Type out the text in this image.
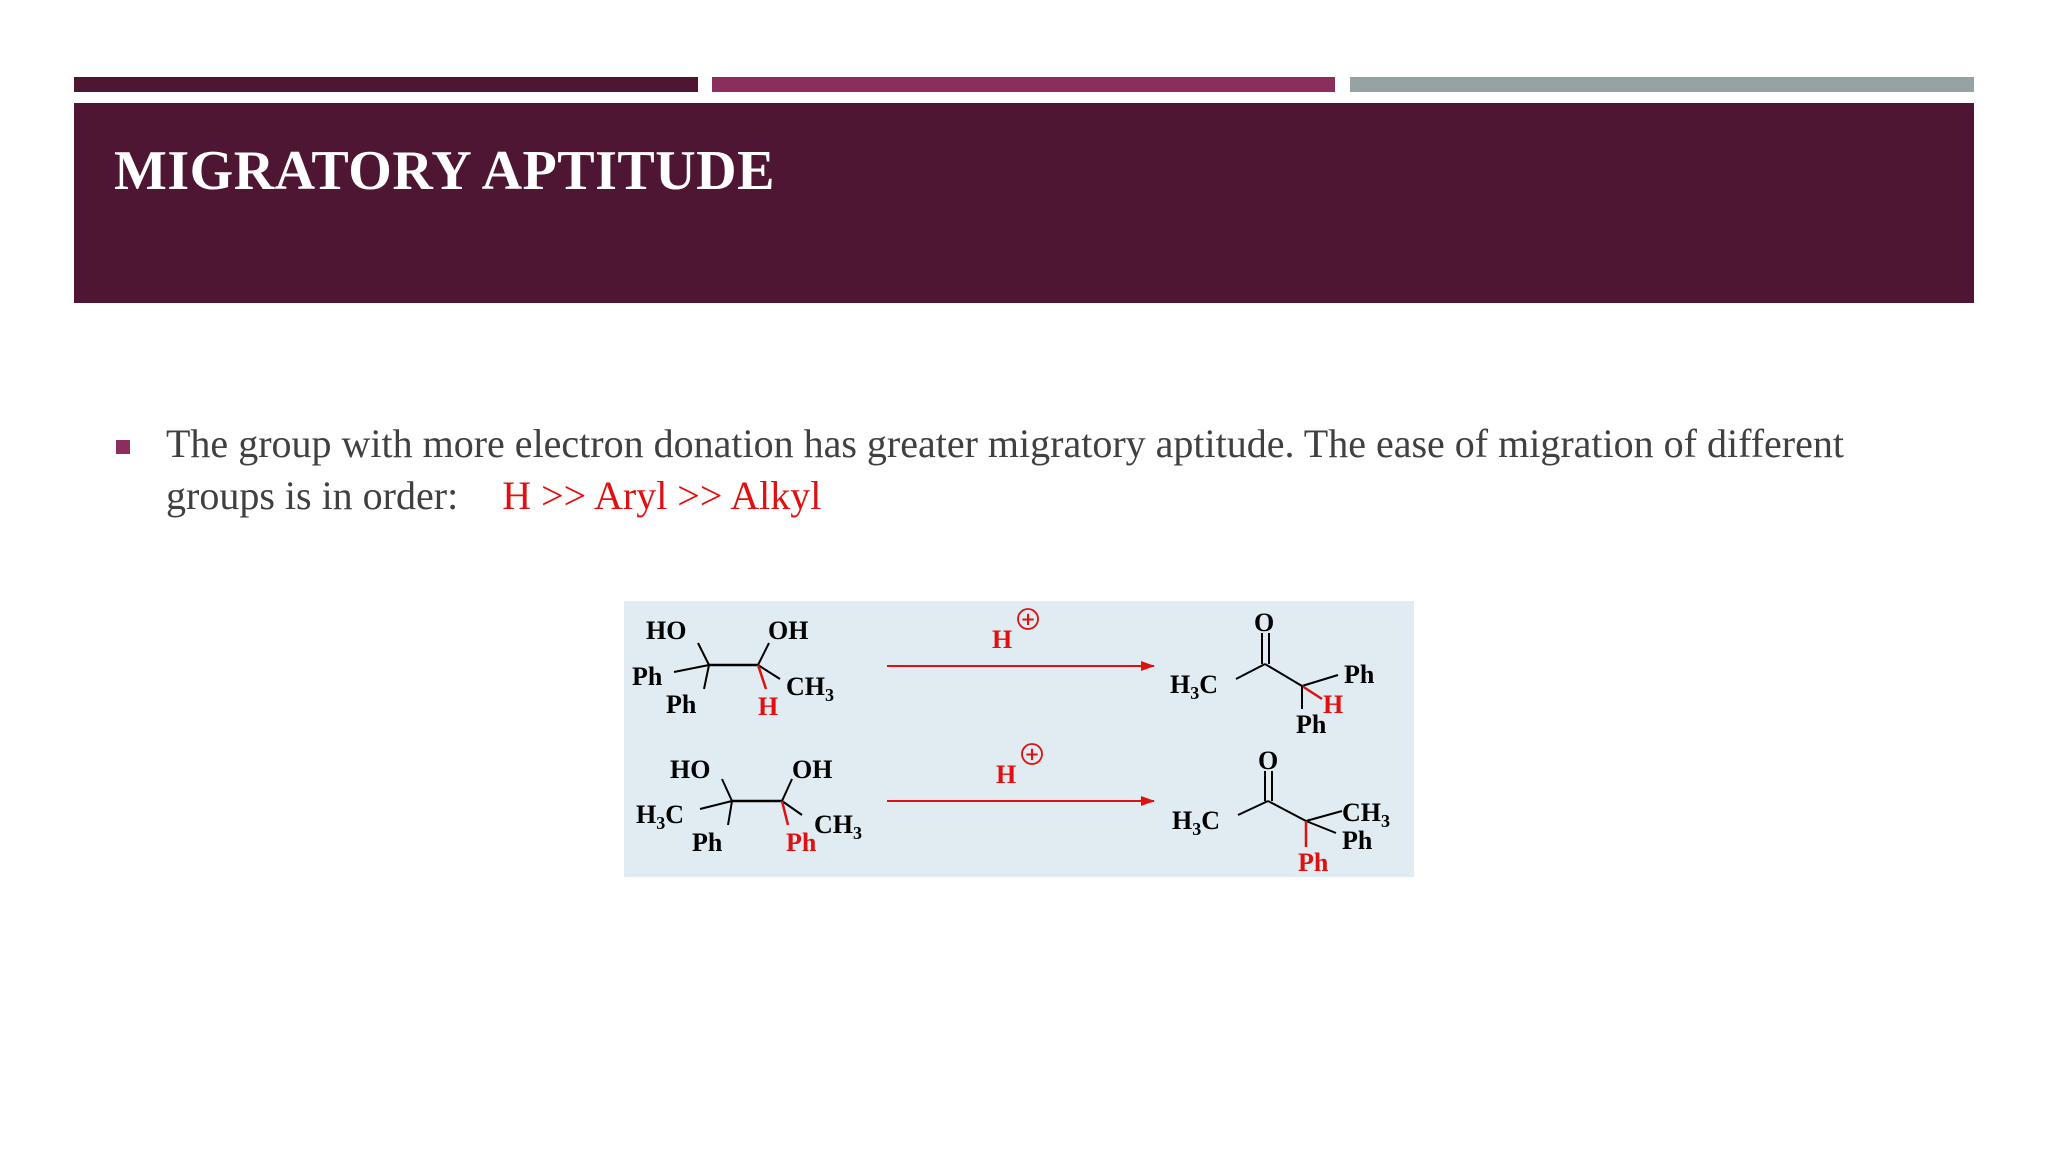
MIGRATORY APTITUDE
The group with more electron donation has greater migratory aptitude. The ease of migration of different groups is in order: H >> Aryl >> Alkyl
HO	OH
Ph
Ph H
$CH_3$
H
+	O
$H_3C$	Ph
H
Ph
HO	OH
$H_3C$
Ph Ph
$CH_3$
H
+	O
$H_3C$	$CH_3$
Ph
Ph
